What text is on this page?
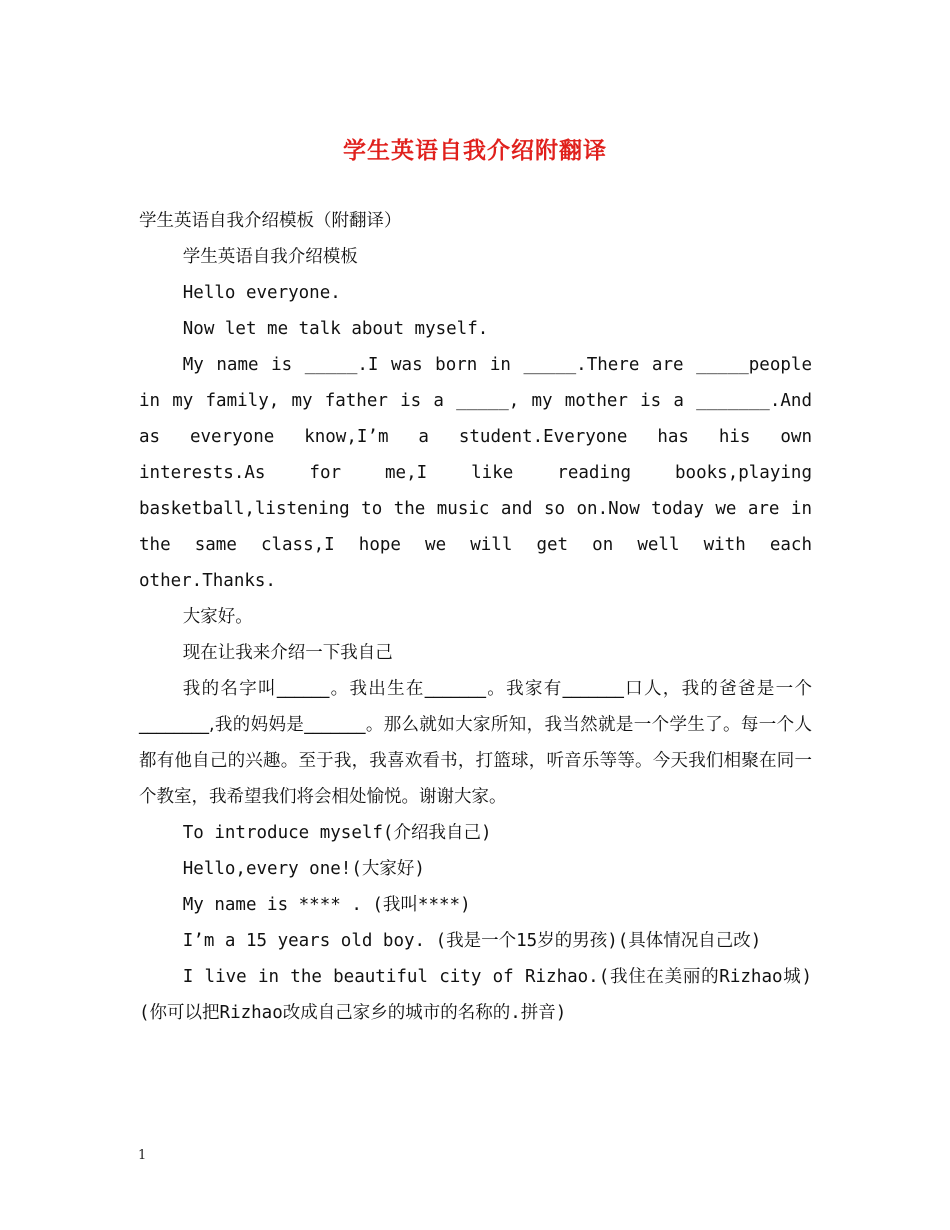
学生英语自我介绍附翻译

学生英语自我介绍模板（附翻译）

学生英语自我介绍模板

Hello everyone.

Now let me talk about myself.

My name is _____.I was born in _____.There are _____people in my family, my father is a _____, my mother is a _______.And as everyone know,I’m a student.Everyone has his own interests.As for me,I like reading books,playing basketball,listening to the music and so on.Now today we are in the same class,I hope we will get on well with each other.Thanks.

大家好。

现在让我来介绍一下我自己

我的名字叫______。我出生在_______。我家有_______口人，我的爸爸是一个________,我的妈妈是_______。那么就如大家所知，我当然就是一个学生了。每一个人都有他自己的兴趣。至于我，我喜欢看书，打篮球，听音乐等等。今天我们相聚在同一个教室，我希望我们将会相处愉悦。谢谢大家。

To introduce myself(介绍我自己)

Hello,every one!(大家好)

My name is **** . (我叫****)

I’m a 15 years old boy. (我是一个15岁的男孩)(具体情况自己改)

I live in the beautiful city of Rizhao.(我住在美丽的Rizhao城)(你可以把Rizhao改成自己家乡的城市的名称的.拼音)

1
